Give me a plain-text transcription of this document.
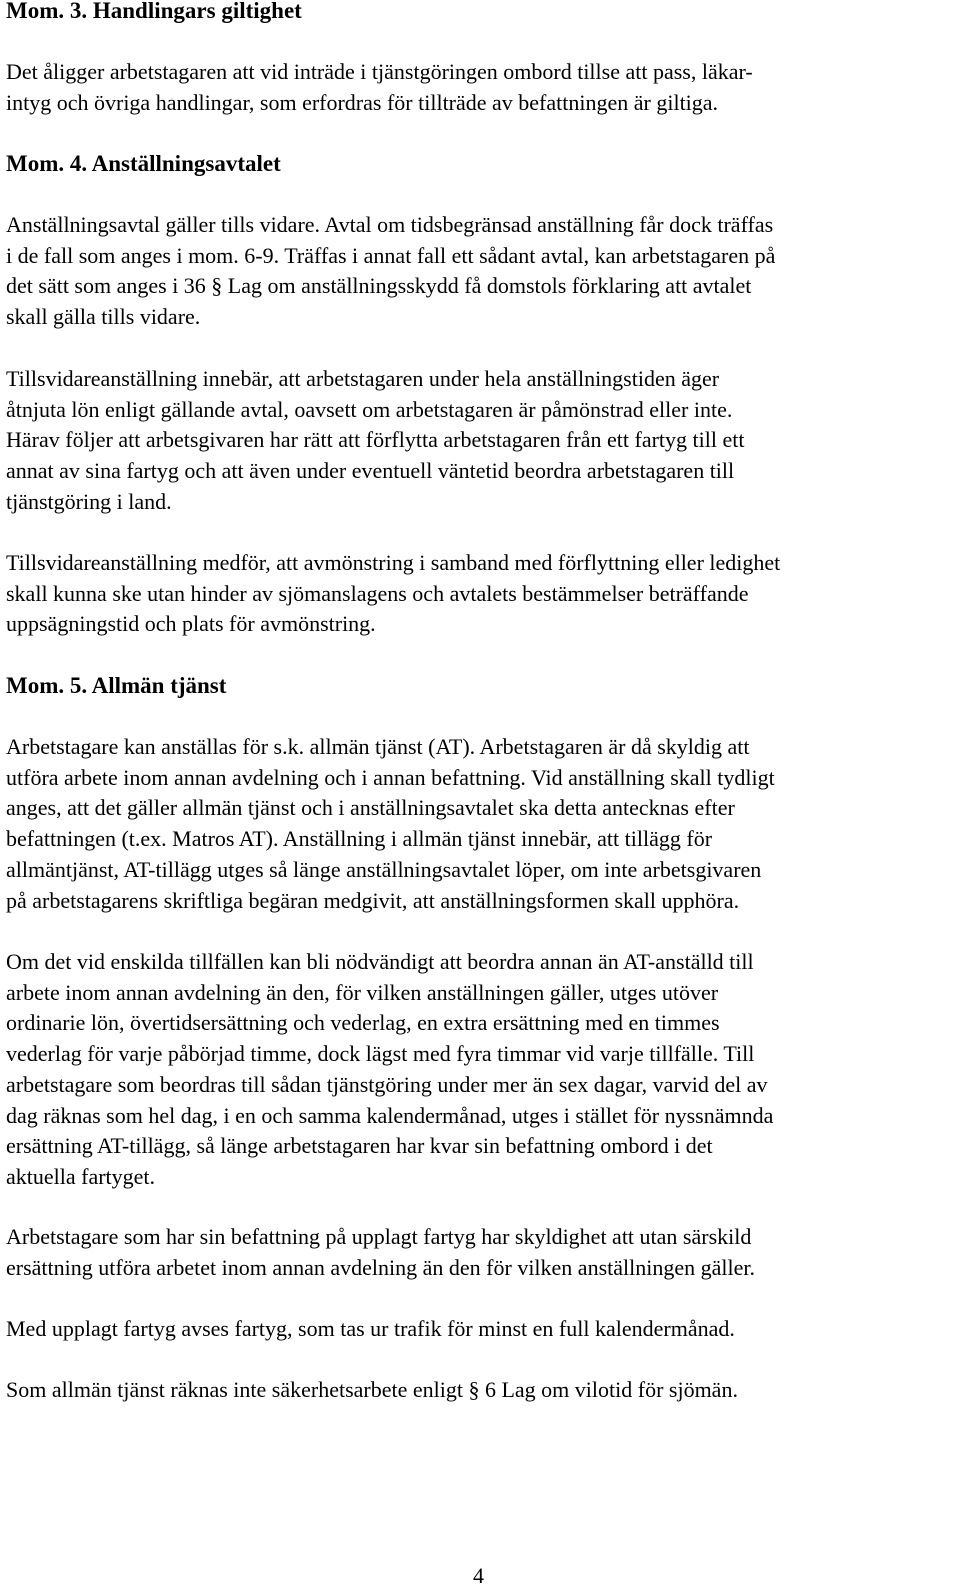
Mom. 3. Handlingars giltighet

Det åligger arbetstagaren att vid inträde i tjänstgöringen ombord tillse att pass, läkar-
intyg och övriga handlingar, som erfordras för tillträde av befattningen är giltiga.

Mom. 4. Anställningsavtalet

Anställningsavtal gäller tills vidare. Avtal om tidsbegränsad anställning får dock träffas
i de fall som anges i mom. 6-9. Träffas i annat fall ett sådant avtal, kan arbetstagaren på
det sätt som anges i 36 § Lag om anställningsskydd få domstols förklaring att avtalet
skall gälla tills vidare.

Tillsvidareanställning innebär, att arbetstagaren under hela anställningstiden äger
åtnjuta lön enligt gällande avtal, oavsett om arbetstagaren är påmönstrad eller inte.
Härav följer att arbetsgivaren har rätt att förflytta arbetstagaren från ett fartyg till ett
annat av sina fartyg och att även under eventuell väntetid beordra arbetstagaren till
tjänstgöring i land.

Tillsvidareanställning medför, att avmönstring i samband med förflyttning eller ledighet
skall kunna ske utan hinder av sjömanslagens och avtalets bestämmelser beträffande
uppsägningstid och plats för avmönstring.

Mom. 5. Allmän tjänst

Arbetstagare kan anställas för s.k. allmän tjänst (AT). Arbetstagaren är då skyldig att
utföra arbete inom annan avdelning och i annan befattning. Vid anställning skall tydligt
anges, att det gäller allmän tjänst och i anställningsavtalet ska detta antecknas efter
befattningen (t.ex. Matros AT). Anställning i allmän tjänst innebär, att tillägg för
allmäntjänst, AT-tillägg utges så länge anställningsavtalet löper, om inte arbetsgivaren
på arbetstagarens skriftliga begäran medgivit, att anställningsformen skall upphöra.

Om det vid enskilda tillfällen kan bli nödvändigt att beordra annan än AT-anställd till
arbete inom annan avdelning än den, för vilken anställningen gäller, utges utöver
ordinarie lön, övertidsersättning och vederlag, en extra ersättning med en timmes
vederlag för varje påbörjad timme, dock lägst med fyra timmar vid varje tillfälle. Till
arbetstagare som beordras till sådan tjänstgöring under mer än sex dagar, varvid del av
dag räknas som hel dag, i en och samma kalendermånad, utges i stället för nyssnämnda
ersättning AT-tillägg, så länge arbetstagaren har kvar sin befattning ombord i det
aktuella fartyget.

Arbetstagare som har sin befattning på upplagt fartyg har skyldighet att utan särskild
ersättning utföra arbetet inom annan avdelning än den för vilken anställningen gäller.

Med upplagt fartyg avses fartyg, som tas ur trafik för minst en full kalendermånad.

Som allmän tjänst räknas inte säkerhetsarbete enligt § 6 Lag om vilotid för sjömän.

4
